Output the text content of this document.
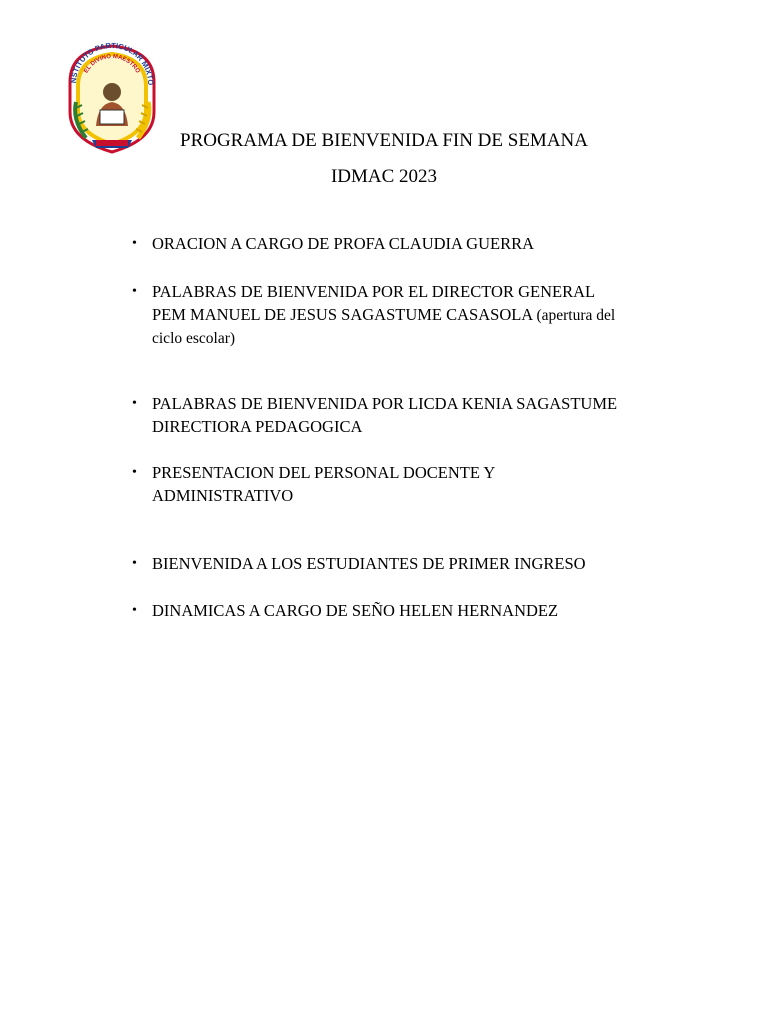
NSTITUTO PARTICULAR MIXTO
EL DIVINO MAESTRO
PROGRAMA DE BIENVENIDA FIN DE SEMANA
IDMAC 2023
• ORACION A CARGO DE PROFA CLAUDIA GUERRA
• PALABRAS DE BIENVENIDA POR EL DIRECTOR GENERAL
PEM MANUEL DE JESUS SAGASTUME CASASOLA (apertura del
ciclo escolar)
• PALABRAS DE BIENVENIDA POR LICDA KENIA SAGASTUME
DIRECTIORA PEDAGOGICA
• PRESENTACION DEL PERSONAL DOCENTE Y
ADMINISTRATIVO
• BIENVENIDA A LOS ESTUDIANTES DE PRIMER INGRESO
• DINAMICAS A CARGO DE SEÑO HELEN HERNANDEZ
